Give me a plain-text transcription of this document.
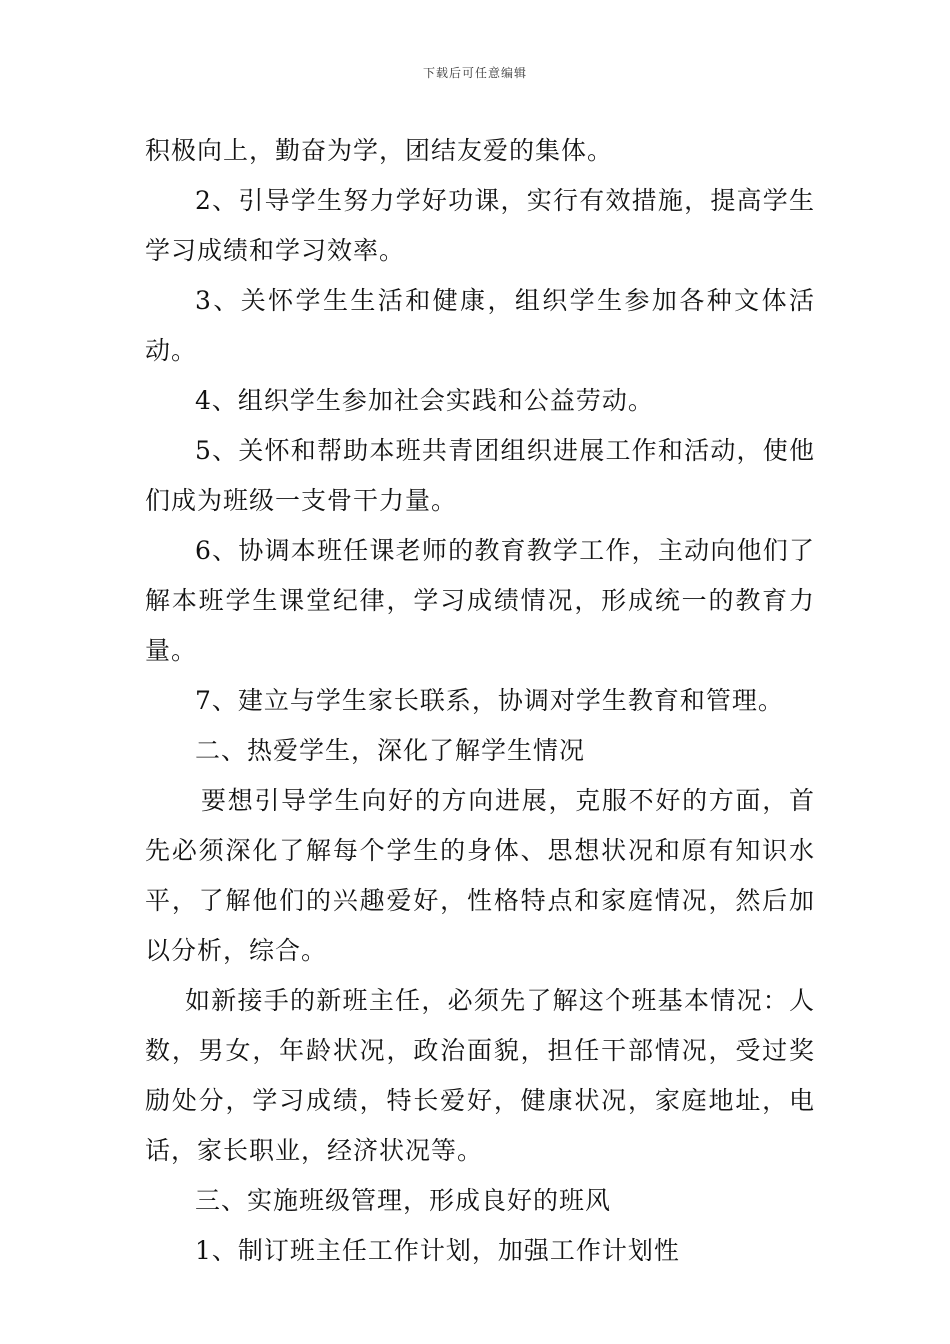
下载后可任意编辑

积极向上，勤奋为学，团结友爱的集体。

2、引导学生努力学好功课，实行有效措施，提高学生学习成绩和学习效率。

3、关怀学生生活和健康，组织学生参加各种文体活动。

4、组织学生参加社会实践和公益劳动。

5、关怀和帮助本班共青团组织进展工作和活动，使他们成为班级一支骨干力量。

6、协调本班任课老师的教育教学工作，主动向他们了解本班学生课堂纪律，学习成绩情况，形成统一的教育力量。

7、建立与学生家长联系，协调对学生教育和管理。

二、热爱学生，深化了解学生情况

要想引导学生向好的方向进展，克服不好的方面，首先必须深化了解每个学生的身体、思想状况和原有知识水平，了解他们的兴趣爱好，性格特点和家庭情况，然后加以分析，综合。

如新接手的新班主任，必须先了解这个班基本情况：人数，男女，年龄状况，政治面貌，担任干部情况，受过奖励处分，学习成绩，特长爱好，健康状况，家庭地址，电话，家长职业，经济状况等。

三、实施班级管理，形成良好的班风

1、制订班主任工作计划，加强工作计划性
